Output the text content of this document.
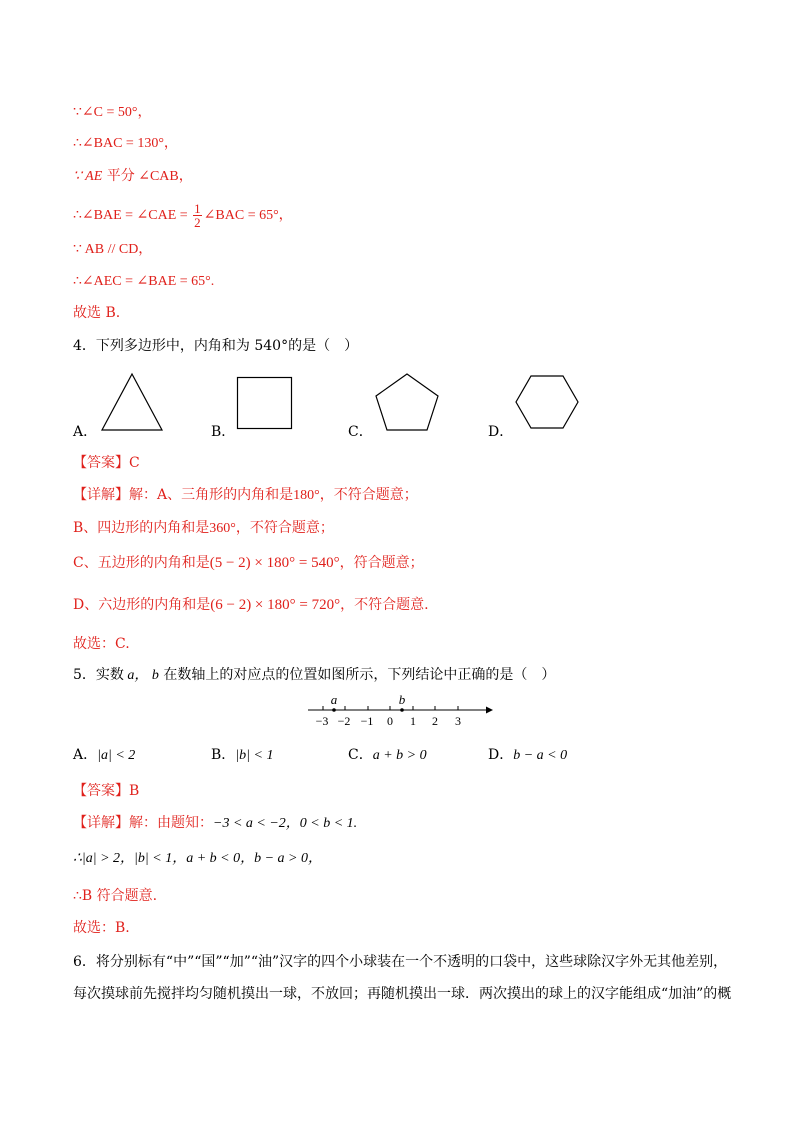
∵∠C = 50°，
∴∠BAC = 130°，
∵ AE 平分 ∠CAB，
∴∠BAE = ∠CAE = $\frac{1}{2}$ ∠BAC = 65°，
∵ AB // CD，
∴∠AEC = ∠BAE = 65°.
故选 B.
4．下列多边形中，内角和为 540°的是（　）
A．	B．	C．	D．
【答案】C
【详解】解：A、三角形的内角和是180°，不符合题意；
B、四边形的内角和是360°，不符合题意；
C、五边形的内角和是(5 − 2) × 180° = 540°，符合题意；
D、六边形的内角和是(6 − 2) × 180° = 720°，不符合题意.
故选：C.
5．实数 a， b 在数轴上的对应点的位置如图所示，下列结论中正确的是（　）
a	b
−3 −2 −1 0 1 2 3
A．|a| < 2	B．|b| < 1	C．a + b > 0	D．b − a < 0
【答案】B
【详解】解：由题知：−3 < a < −2，0 < b < 1.
∴|a| > 2，|b| < 1，a + b < 0，b − a > 0，
∴B 符合题意.
故选：B.
6．将分别标有“中”“国”“加”“油”汉字的四个小球装在一个不透明的口袋中，这些球除汉字外无其他差别，
每次摸球前先搅拌均匀随机摸出一球，不放回；再随机摸出一球．两次摸出的球上的汉字能组成“加油”的概
